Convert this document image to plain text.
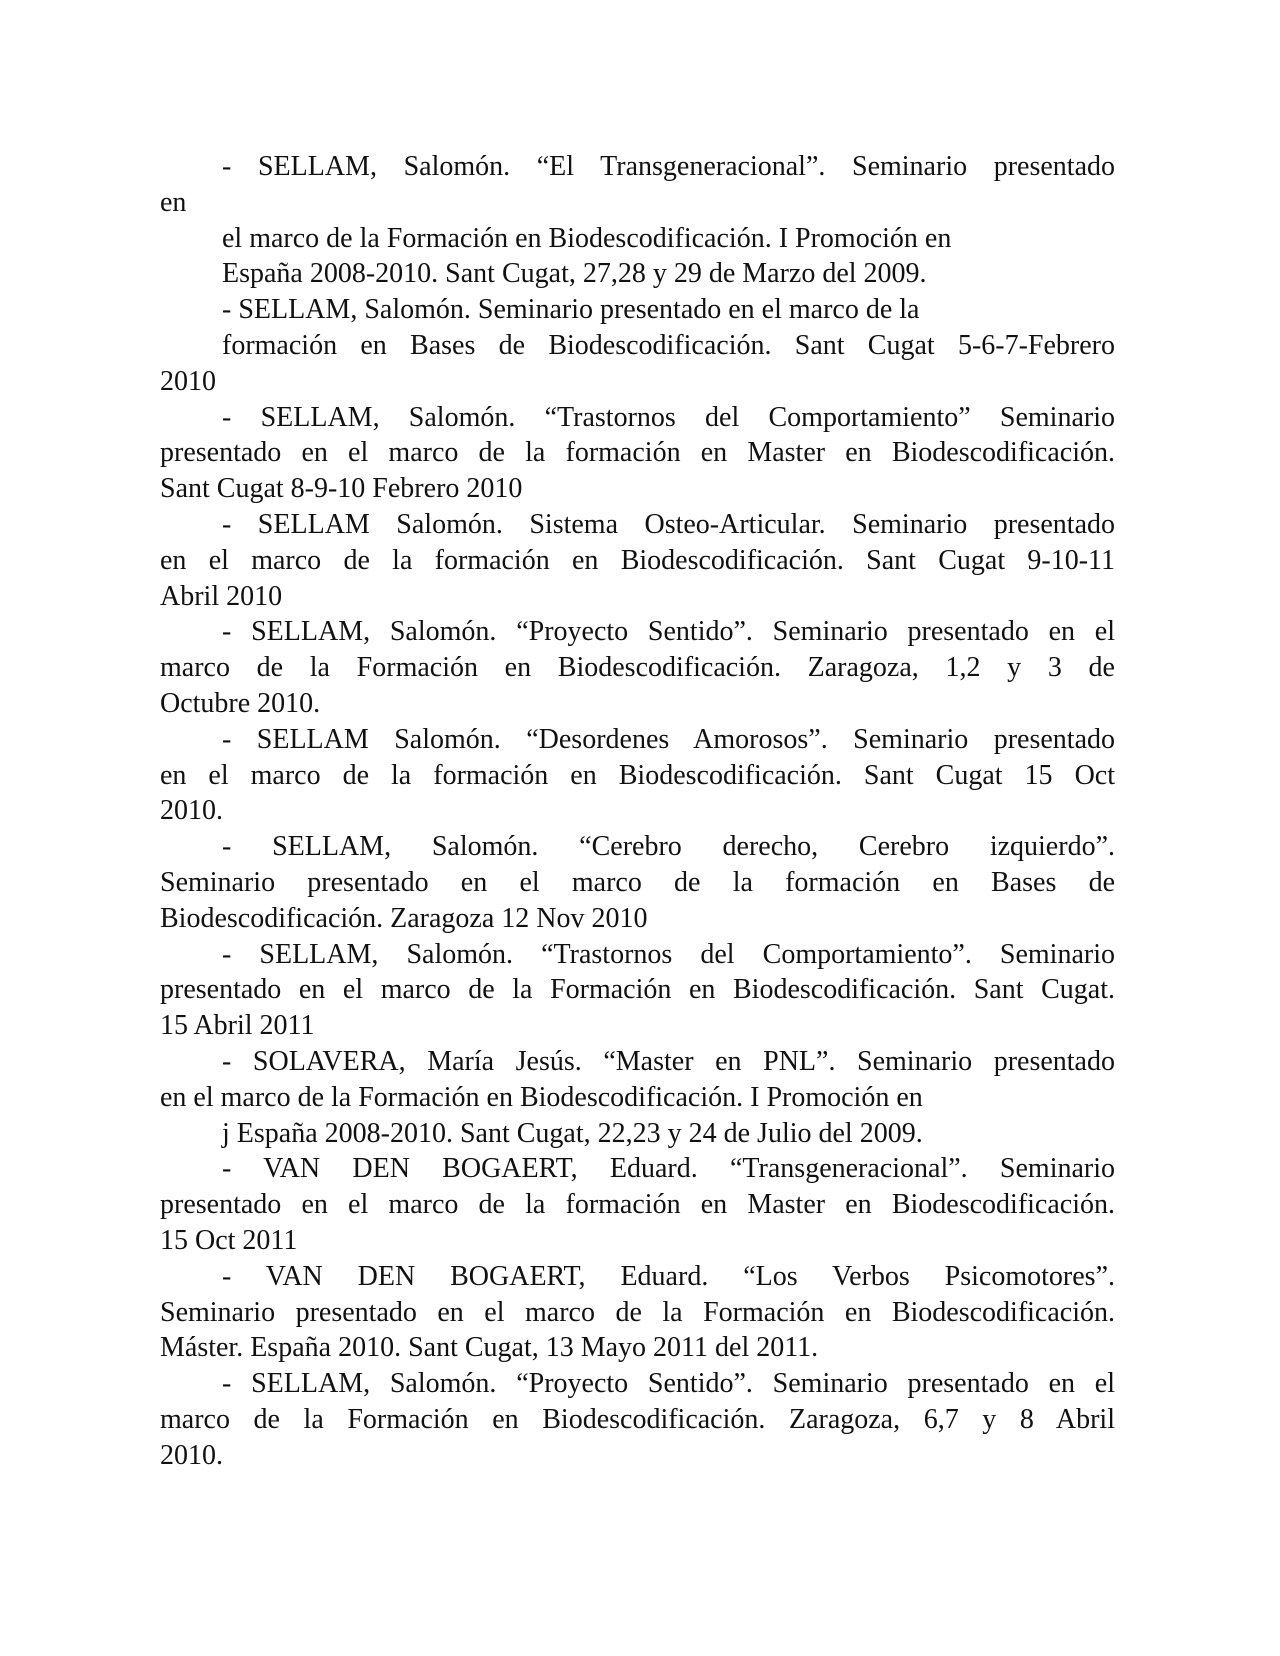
- SELLAM, Salomón. “El Transgeneracional”. Seminario presentado
en
el marco de la Formación en Biodescodificación. I Promoción en
España 2008-2010. Sant Cugat, 27,28 y 29 de Marzo del 2009.
- SELLAM, Salomón. Seminario presentado en el marco de la
formación en Bases de Biodescodificación. Sant Cugat 5-6-7-Febrero
2010
- SELLAM, Salomón. “Trastornos del Comportamiento” Seminario
presentado en el marco de la formación en Master en Biodescodificación.
Sant Cugat 8-9-10 Febrero 2010
- SELLAM Salomón. Sistema Osteo-Articular. Seminario presentado
en el marco de la formación en Biodescodificación. Sant Cugat 9-10-11
Abril 2010
- SELLAM, Salomón. “Proyecto Sentido”. Seminario presentado en el
marco de la Formación en Biodescodificación. Zaragoza, 1,2 y 3 de
Octubre 2010.
- SELLAM Salomón. “Desordenes Amorosos”. Seminario presentado
en el marco de la formación en Biodescodificación. Sant Cugat 15 Oct
2010.
- SELLAM, Salomón. “Cerebro derecho, Cerebro izquierdo”.
Seminario presentado en el marco de la formación en Bases de
Biodescodificación. Zaragoza 12 Nov 2010
- SELLAM, Salomón. “Trastornos del Comportamiento”. Seminario
presentado en el marco de la Formación en Biodescodificación. Sant Cugat.
15 Abril 2011
- SOLAVERA, María Jesús. “Master en PNL”. Seminario presentado
en el marco de la Formación en Biodescodificación. I Promoción en
j España 2008-2010. Sant Cugat, 22,23 y 24 de Julio del 2009.
- VAN DEN BOGAERT, Eduard. “Transgeneracional”. Seminario
presentado en el marco de la formación en Master en Biodescodificación.
15 Oct 2011
- VAN DEN BOGAERT, Eduard. “Los Verbos Psicomotores”.
Seminario presentado en el marco de la Formación en Biodescodificación.
Máster. España 2010. Sant Cugat, 13 Mayo 2011 del 2011.
- SELLAM, Salomón. “Proyecto Sentido”. Seminario presentado en el
marco de la Formación en Biodescodificación. Zaragoza, 6,7 y 8 Abril
2010.
